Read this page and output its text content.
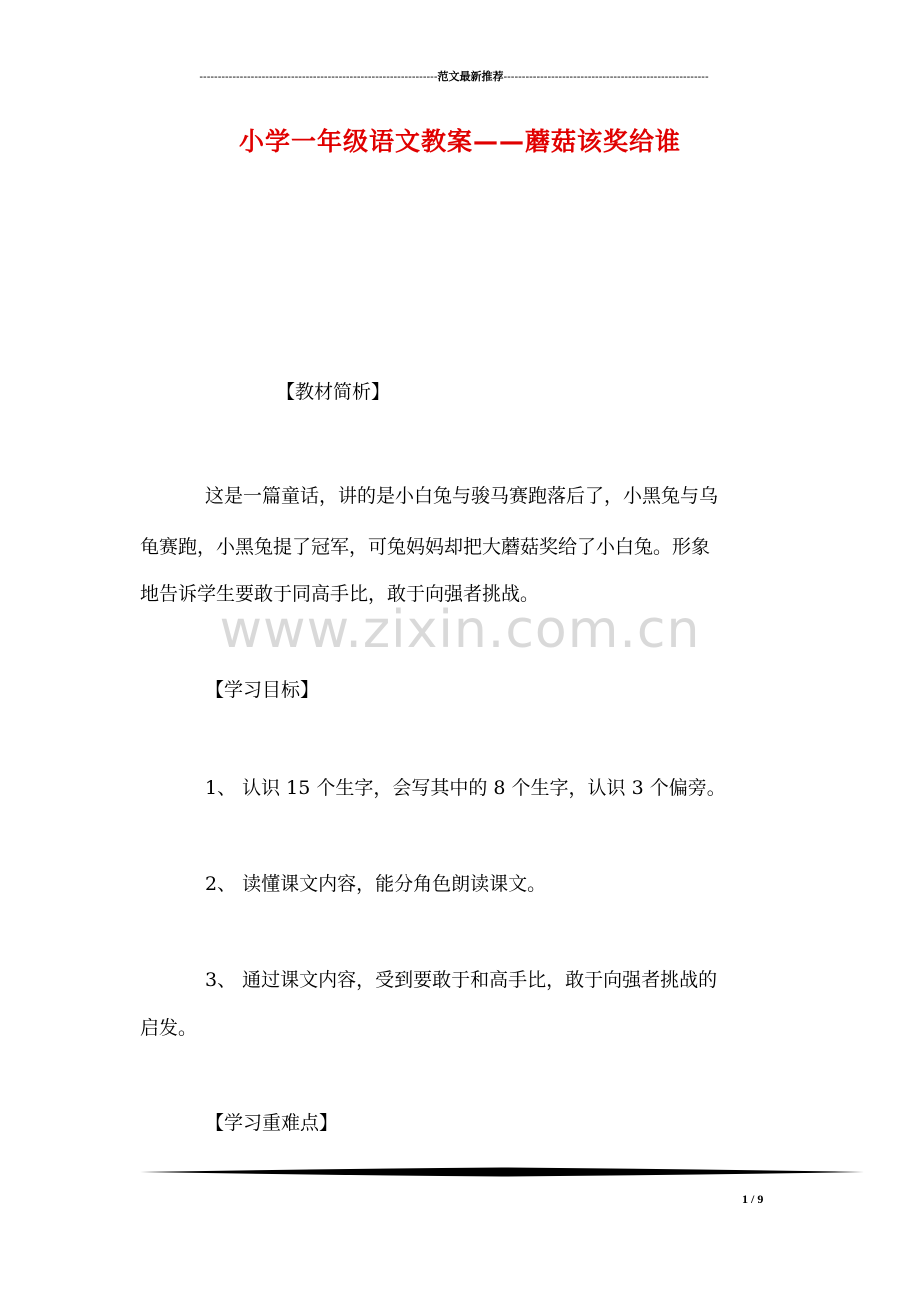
-----------------------------------------------------------------范文最新推荐--------------------------------------------------------
小学一年级语文教案——蘑菇该奖给谁

【教材简析】

这是一篇童话，讲的是小白兔与骏马赛跑落后了，小黑兔与乌

龟赛跑，小黑兔提了冠军，可兔妈妈却把大蘑菇奖给了小白兔。形象

地告诉学生要敢于同高手比，敢于向强者挑战。

www.zixin.com.cn

【学习目标】

1、 认识 15 个生字，会写其中的 8 个生字，认识 3 个偏旁。

2、 读懂课文内容，能分角色朗读课文。

3、 通过课文内容，受到要敢于和高手比，敢于向强者挑战的

启发。

【学习重难点】

1 / 9
